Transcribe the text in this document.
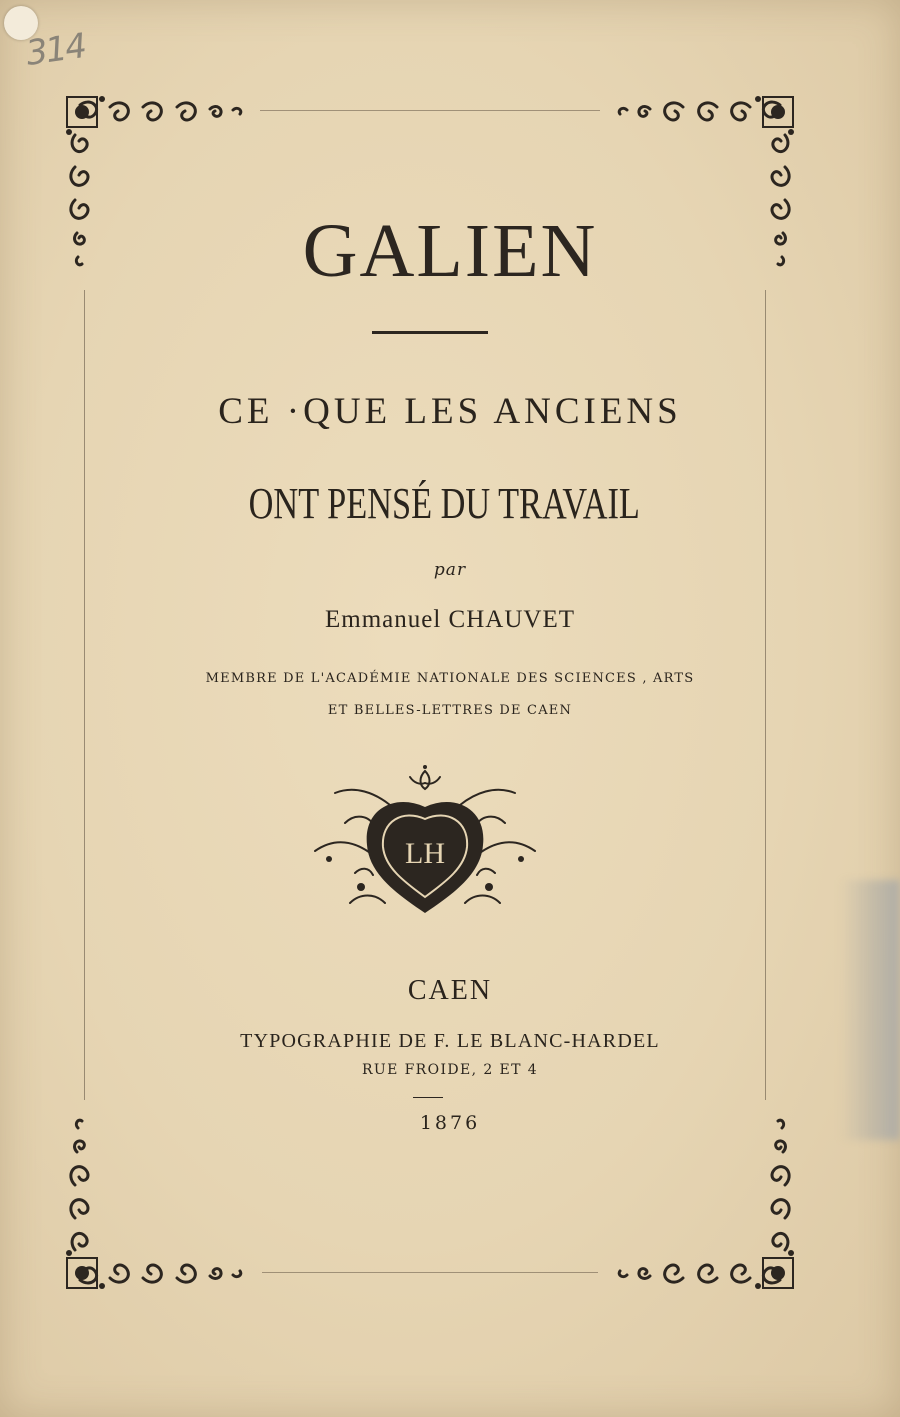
314
GALIEN
CE ·QUE LES ANCIENS
ONT PENSÉ DU TRAVAIL
par
Emmanuel CHAUVET
MEMBRE DE L'ACADÉMIE NATIONALE DES SCIENCES , ARTS
ET BELLES-LETTRES DE CAEN
LH
CAEN
TYPOGRAPHIE DE F. LE BLANC-HARDEL
RUE FROIDE, 2 ET 4
1876
